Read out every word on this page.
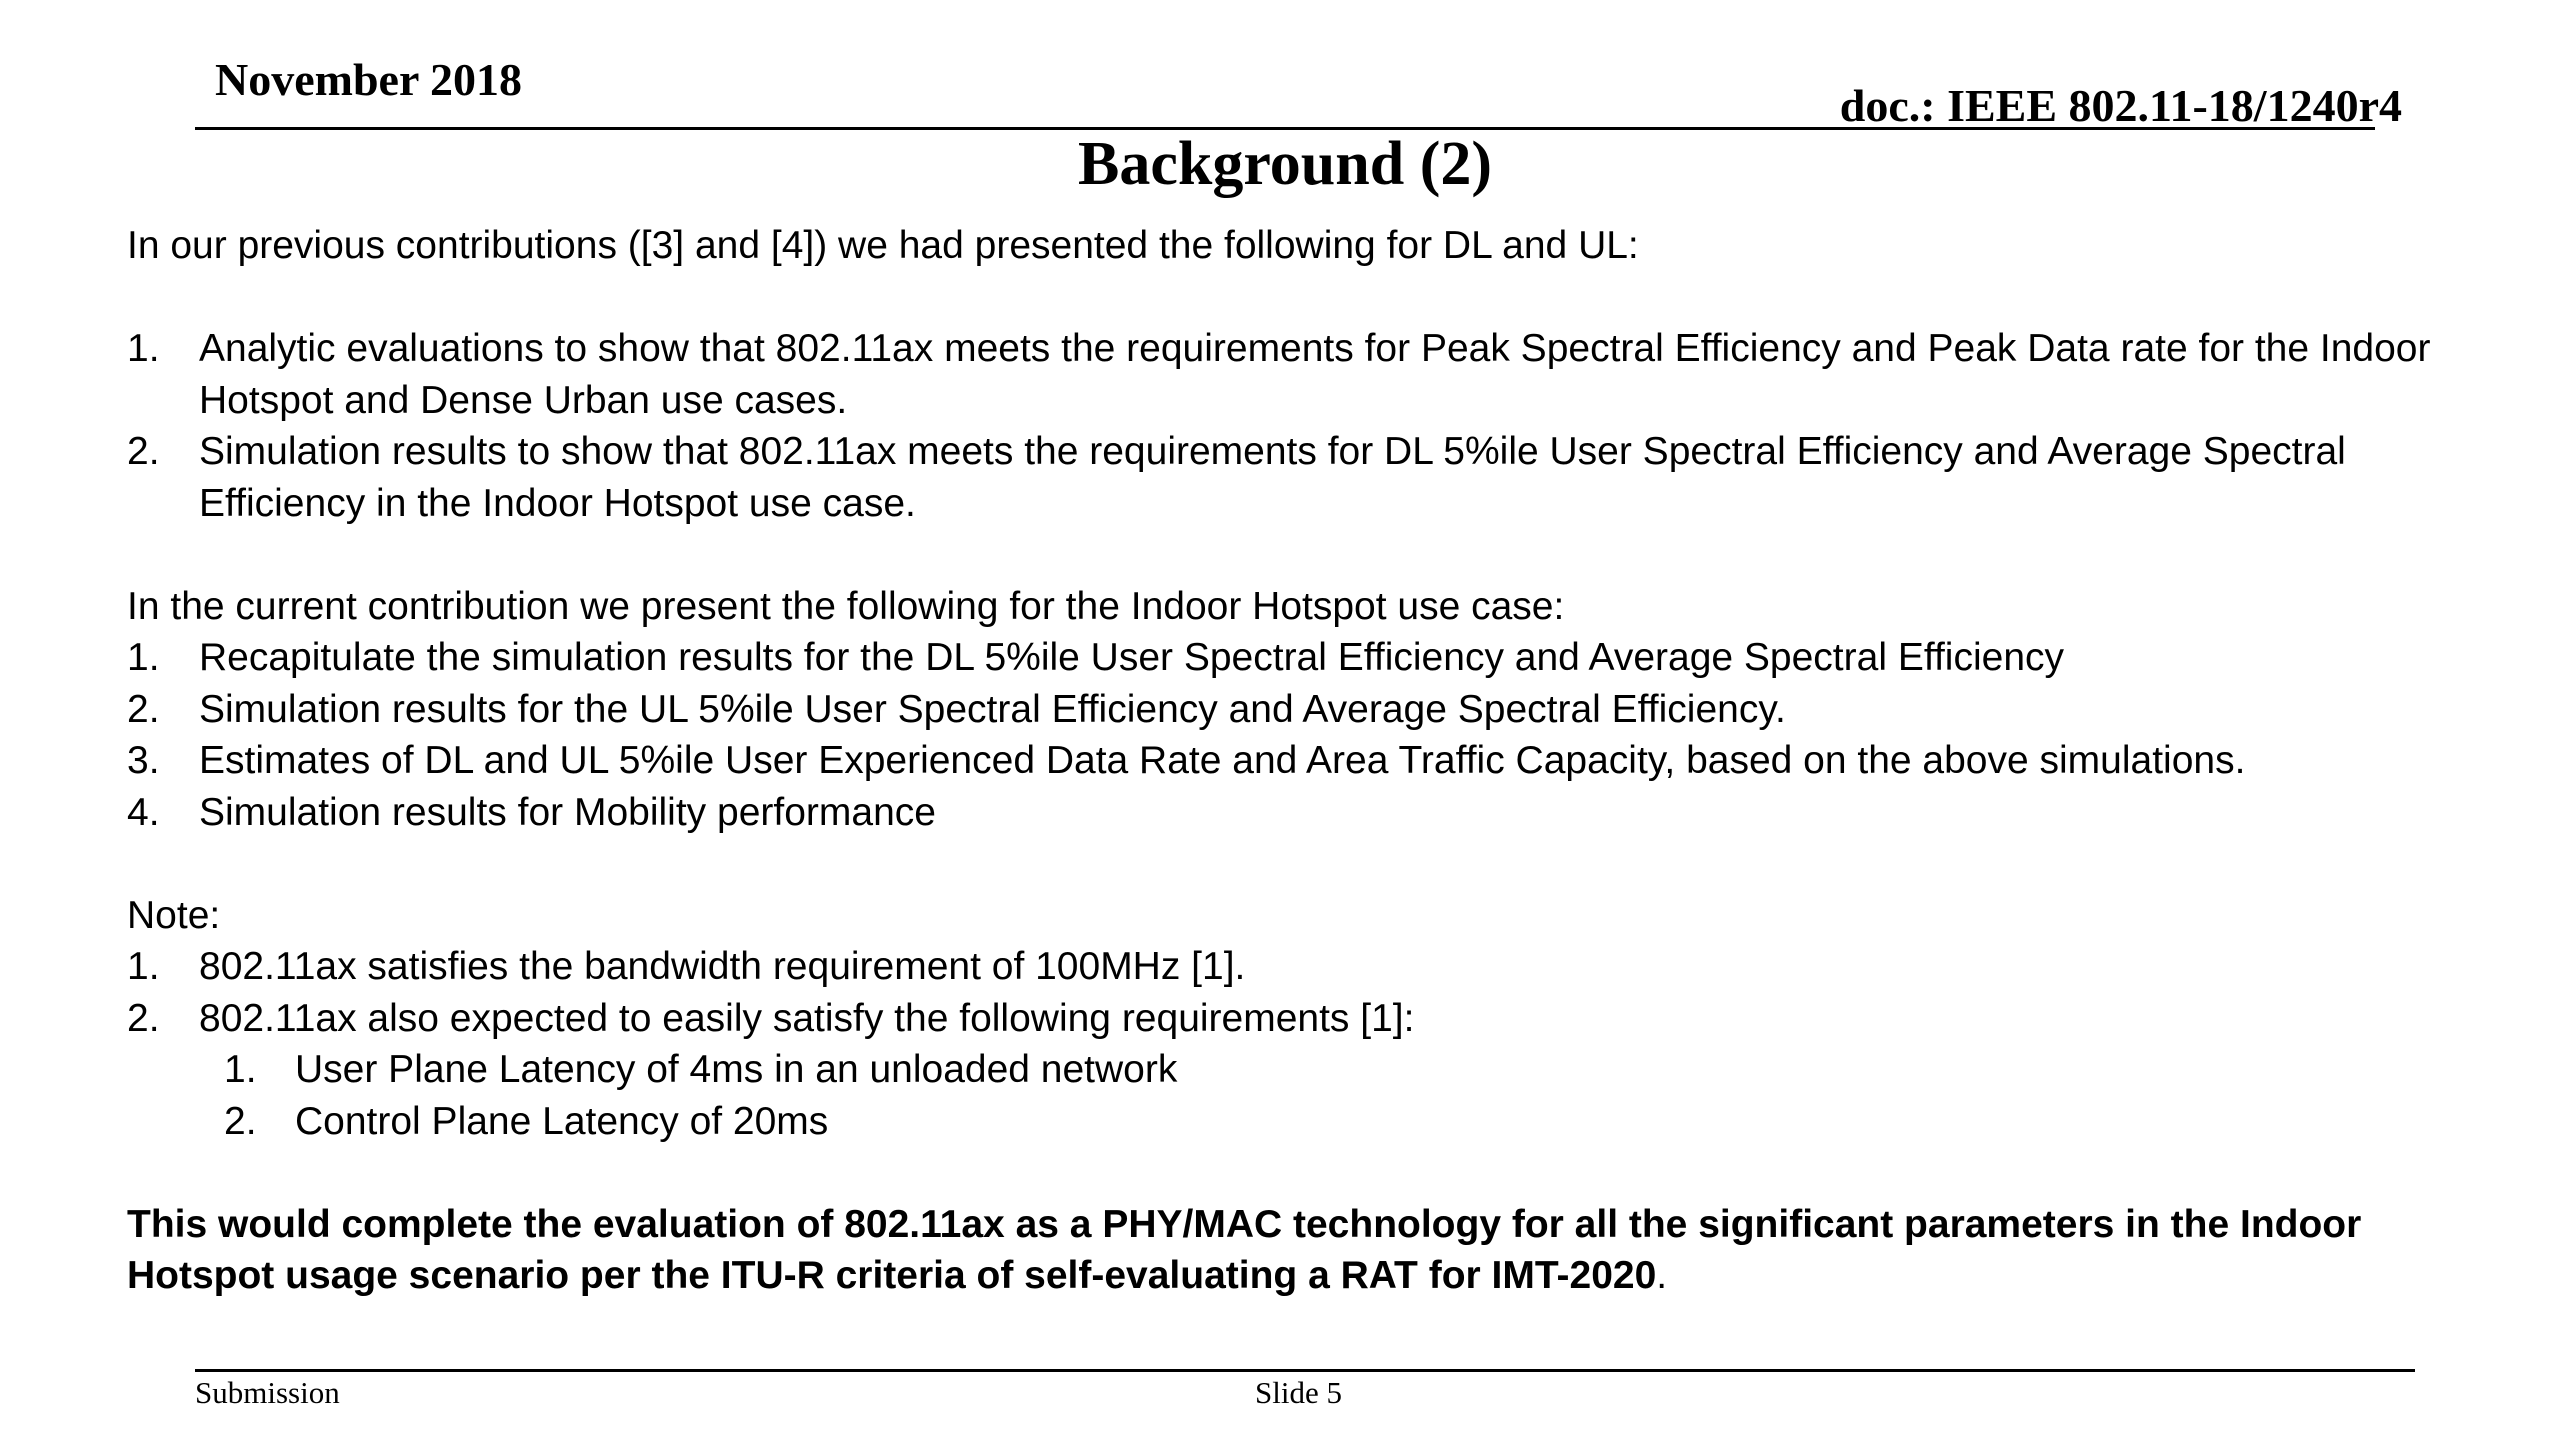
November 2018
doc.: IEEE 802.11-18/1240r4
Background (2)

In our previous contributions ([3] and [4]) we had presented the following for DL and UL:

1. Analytic evaluations to show that 802.11ax meets the requirements for Peak Spectral Efficiency and Peak Data rate for the Indoor Hotspot and Dense Urban use cases.
2. Simulation results to show that 802.11ax meets the requirements for DL 5%ile User Spectral Efficiency and Average Spectral Efficiency in the Indoor Hotspot use case.

In the current contribution we present the following for the Indoor Hotspot use case:

1. Recapitulate the simulation results for the DL 5%ile User Spectral Efficiency and Average Spectral Efficiency
2. Simulation results for the UL 5%ile User Spectral Efficiency and Average Spectral Efficiency.
3. Estimates of DL and UL 5%ile User Experienced Data Rate and Area Traffic Capacity, based on the above simulations.
4. Simulation results for Mobility performance

Note:

1. 802.11ax satisfies the bandwidth requirement of 100MHz [1].
2. 802.11ax also expected to easily satisfy the following requirements [1]:
1. User Plane Latency of 4ms in an unloaded network
2. Control Plane Latency of 20ms

This would complete the evaluation of 802.11ax as a PHY/MAC technology for all the significant parameters in the Indoor Hotspot usage scenario per the ITU-R criteria of self-evaluating a RAT for IMT-2020.

Submission	Slide 5
